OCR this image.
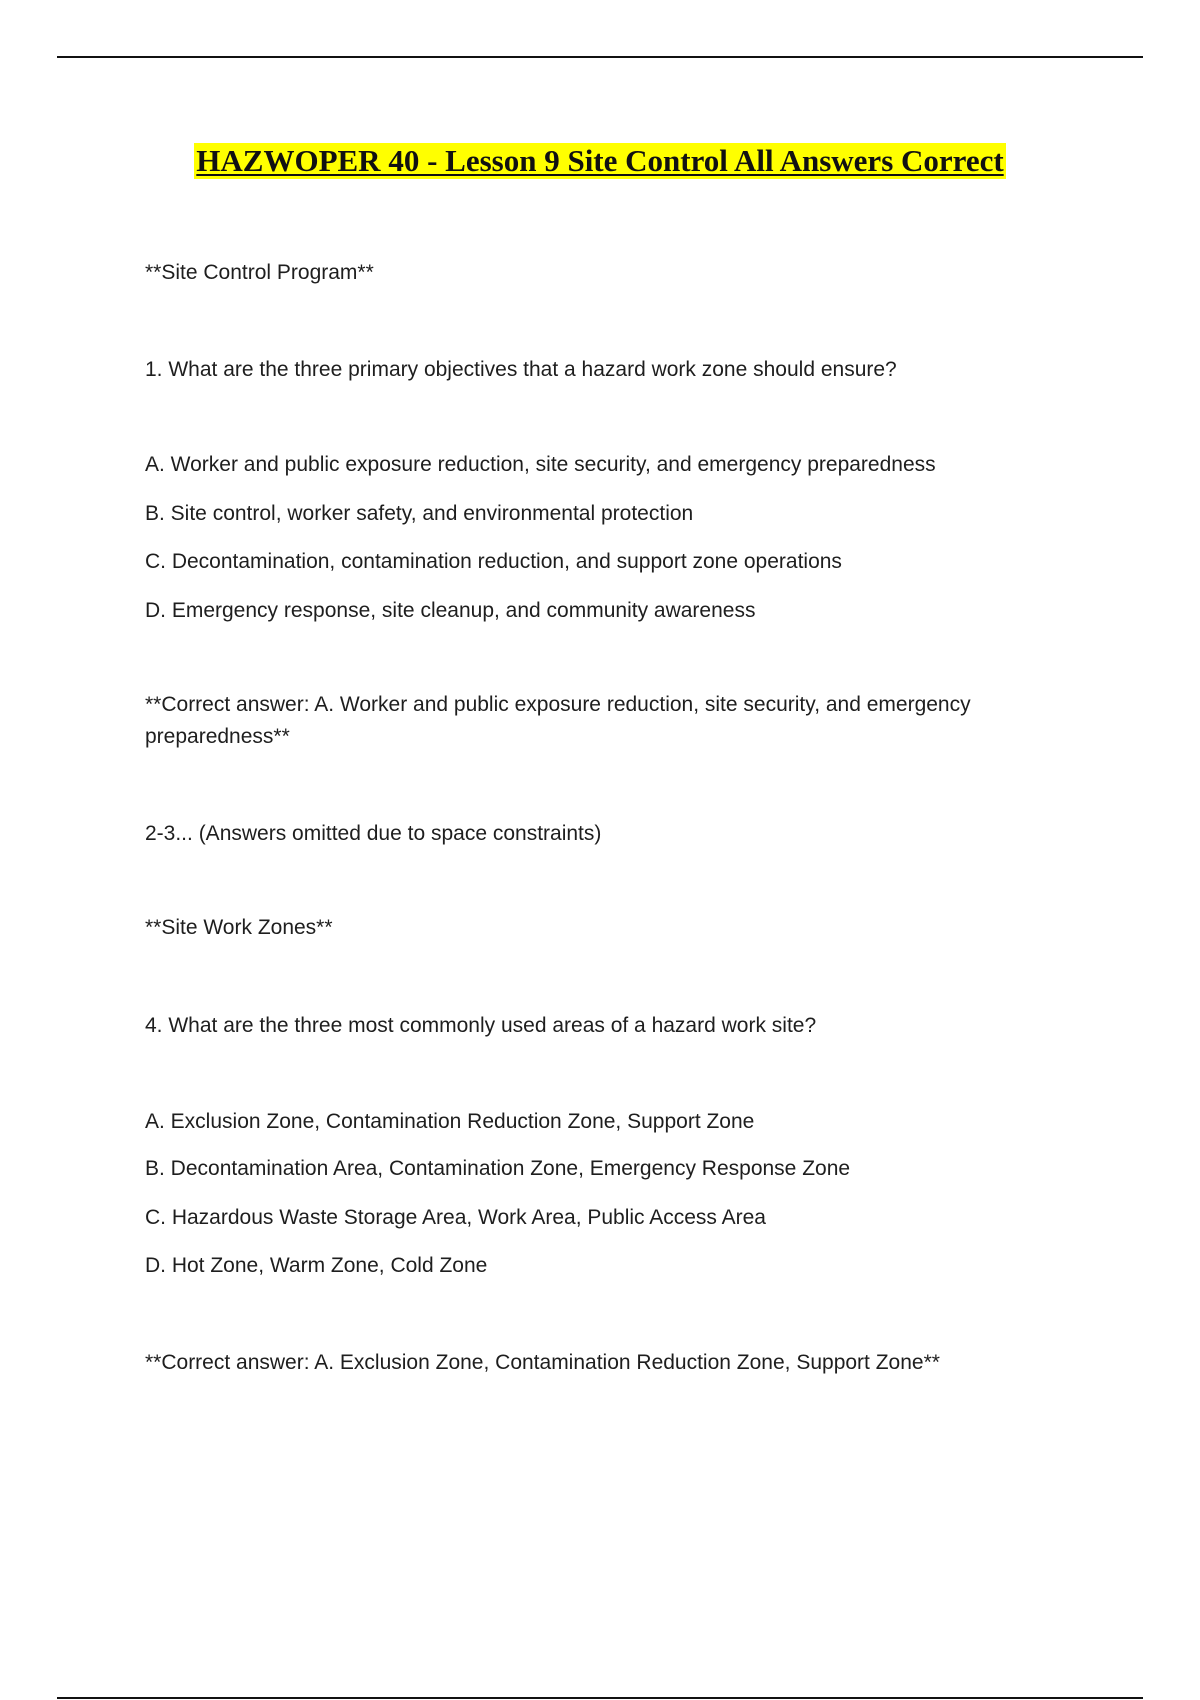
HAZWOPER 40 - Lesson 9 Site Control All Answers Correct
**Site Control Program**
1. What are the three primary objectives that a hazard work zone should ensure?
A. Worker and public exposure reduction, site security, and emergency preparedness
B. Site control, worker safety, and environmental protection
C. Decontamination, contamination reduction, and support zone operations
D. Emergency response, site cleanup, and community awareness
**Correct answer: A. Worker and public exposure reduction, site security, and emergency preparedness**
2-3... (Answers omitted due to space constraints)
**Site Work Zones**
4. What are the three most commonly used areas of a hazard work site?
A. Exclusion Zone, Contamination Reduction Zone, Support Zone
B. Decontamination Area, Contamination Zone, Emergency Response Zone
C. Hazardous Waste Storage Area, Work Area, Public Access Area
D. Hot Zone, Warm Zone, Cold Zone
**Correct answer: A. Exclusion Zone, Contamination Reduction Zone, Support Zone**
